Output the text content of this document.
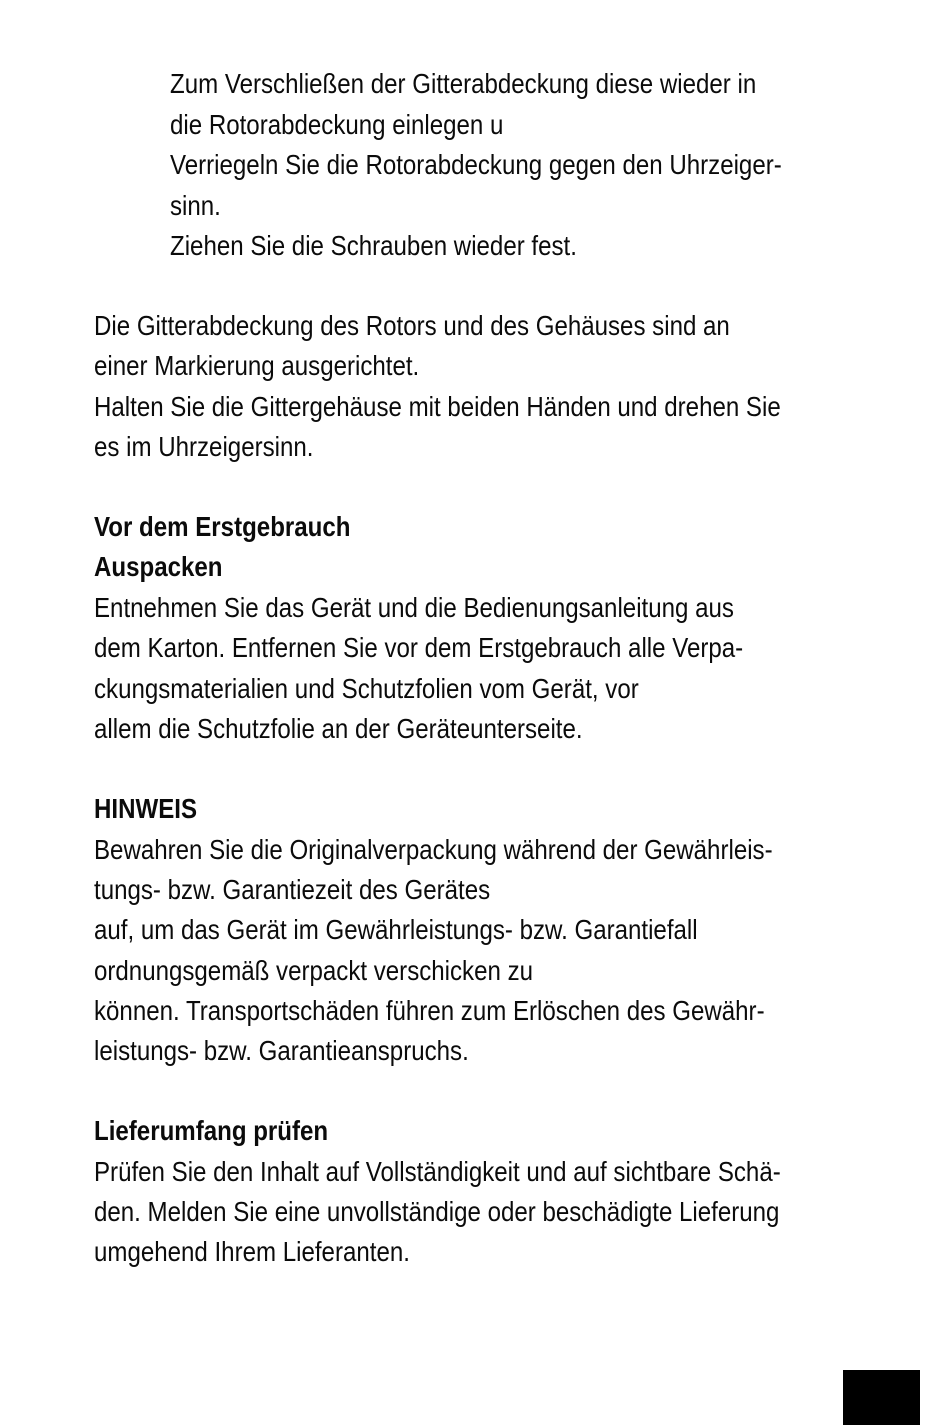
Zum Verschließen der Gitterabdeckung diese wieder in
die Rotorabdeckung einlegen u
Verriegeln Sie die Rotorabdeckung gegen den Uhrzeiger-
sinn.
Ziehen Sie die Schrauben wieder fest.
Die Gitterabdeckung des Rotors und des Gehäuses sind an
einer Markierung ausgerichtet.
Halten Sie die Gittergehäuse mit beiden Händen und drehen Sie
es im Uhrzeigersinn.
Vor dem Erstgebrauch
Auspacken
Entnehmen Sie das Gerät und die Bedienungsanleitung aus
dem Karton. Entfernen Sie vor dem Erstgebrauch alle Verpa-
ckungsmaterialien und Schutzfolien vom Gerät, vor
allem die Schutzfolie an der Geräteunterseite.
HINWEIS
Bewahren Sie die Originalverpackung während der Gewährleis-
tungs- bzw. Garantiezeit des Gerätes
auf, um das Gerät im Gewährleistungs- bzw. Garantiefall
ordnungsgemäß verpackt verschicken zu
können. Transportschäden führen zum Erlöschen des Gewähr-
leistungs- bzw. Garantieanspruchs.
Lieferumfang prüfen
Prüfen Sie den Inhalt auf Vollständigkeit und auf sichtbare Schä-
den. Melden Sie eine unvollständige oder beschädigte Lieferung
umgehend Ihrem Lieferanten.
